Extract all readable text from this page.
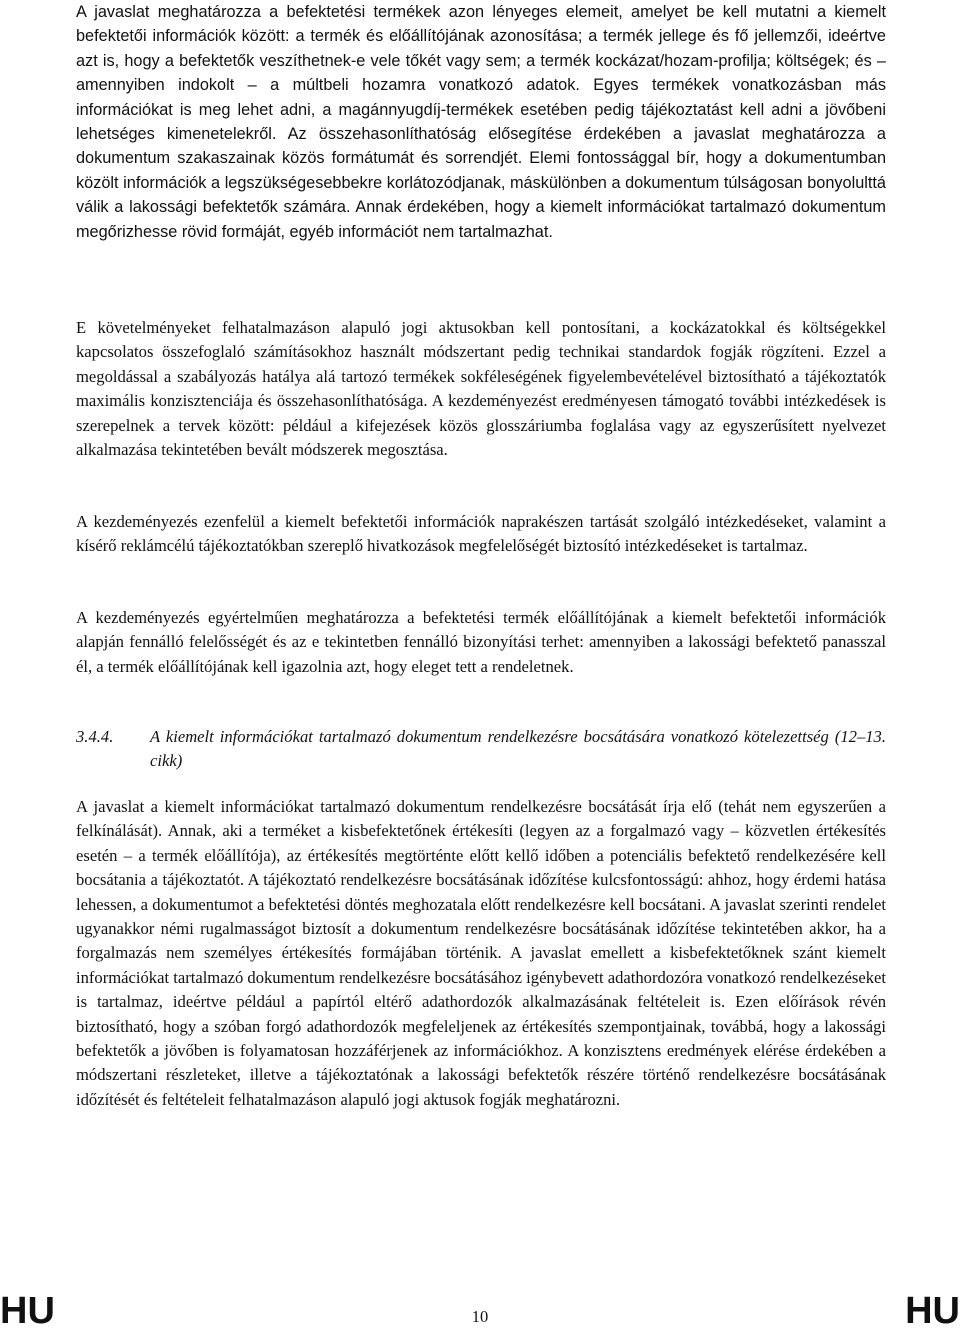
A javaslat meghatározza a befektetési termékek azon lényeges elemeit, amelyet be kell mutatni a kiemelt befektetői információk között: a termék és előállítójának azonosítása; a termék jellege és fő jellemzői, ideértve azt is, hogy a befektetők veszíthetnek-e vele tőkét vagy sem; a termék kockázat/hozam-profilja; költségek; és – amennyiben indokolt – a múltbeli hozamra vonatkozó adatok. Egyes termékek vonatkozásban más információkat is meg lehet adni, a magánnyugdíj-termékek esetében pedig tájékoztatást kell adni a jövőbeni lehetséges kimenetelekről. Az összehasonlíthatóság elősegítése érdekében a javaslat meghatározza a dokumentum szakaszainak közös formátumát és sorrendjét. Elemi fontossággal bír, hogy a dokumentumban közölt információk a legszükségesebbekre korlátozódjanak, máskülönben a dokumentum túlságosan bonyolulttá válik a lakossági befektetők számára. Annak érdekében, hogy a kiemelt információkat tartalmazó dokumentum megőrizhesse rövid formáját, egyéb információt nem tartalmazhat.

E követelményeket felhatalmazáson alapuló jogi aktusokban kell pontosítani, a kockázatokkal és költségekkel kapcsolatos összefoglaló számításokhoz használt módszertant pedig technikai standardok fogják rögzíteni. Ezzel a megoldással a szabályozás hatálya alá tartozó termékek sokféleségének figyelembevételével biztosítható a tájékoztatók maximális konzisztenciája és összehasonlíthatósága. A kezdeményezést eredményesen támogató további intézkedések is szerepelnek a tervek között: például a kifejezések közös glosszáriumba foglalása vagy az egyszerűsített nyelvezet alkalmazása tekintetében bevált módszerek megosztása.

A kezdeményezés ezenfelül a kiemelt befektetői információk naprakészen tartását szolgáló intézkedéseket, valamint a kísérő reklámcélú tájékoztatókban szereplő hivatkozások megfelelőségét biztosító intézkedéseket is tartalmaz.

A kezdeményezés egyértelműen meghatározza a befektetési termék előállítójának a kiemelt befektetői információk alapján fennálló felelősségét és az e tekintetben fennálló bizonyítási terhet: amennyiben a lakossági befektető panasszal él, a termék előállítójának kell igazolnia azt, hogy eleget tett a rendeletnek.

3.4.4. A kiemelt információkat tartalmazó dokumentum rendelkezésre bocsátására vonatkozó kötelezettség (12–13. cikk)

A javaslat a kiemelt információkat tartalmazó dokumentum rendelkezésre bocsátását írja elő (tehát nem egyszerűen a felkínálását). Annak, aki a terméket a kisbefektetőnek értékesíti (legyen az a forgalmazó vagy – közvetlen értékesítés esetén – a termék előállítója), az értékesítés megtörténte előtt kellő időben a potenciális befektető rendelkezésére kell bocsátania a tájékoztatót. A tájékoztató rendelkezésre bocsátásának időzítése kulcsfontosságú: ahhoz, hogy érdemi hatása lehessen, a dokumentumot a befektetési döntés meghozatala előtt rendelkezésre kell bocsátani. A javaslat szerinti rendelet ugyanakkor némi rugalmasságot biztosít a dokumentum rendelkezésre bocsátásának időzítése tekintetében akkor, ha a forgalmazás nem személyes értékesítés formájában történik. A javaslat emellett a kisbefektetőknek szánt kiemelt információkat tartalmazó dokumentum rendelkezésre bocsátásához igénybevett adathordozóra vonatkozó rendelkezéseket is tartalmaz, ideértve például a papírtól eltérő adathordozók alkalmazásának feltételeit is. Ezen előírások révén biztosítható, hogy a szóban forgó adathordozók megfeleljenek az értékesítés szempontjainak, továbbá, hogy a lakossági befektetők a jövőben is folyamatosan hozzáférjenek az információkhoz. A konzisztens eredmények elérése érdekében a módszertani részleteket, illetve a tájékoztatónak a lakossági befektetők részére történő rendelkezésre bocsátásának időzítését és feltételeit felhatalmazáson alapuló jogi aktusok fogják meghatározni.

HU	10	HU
